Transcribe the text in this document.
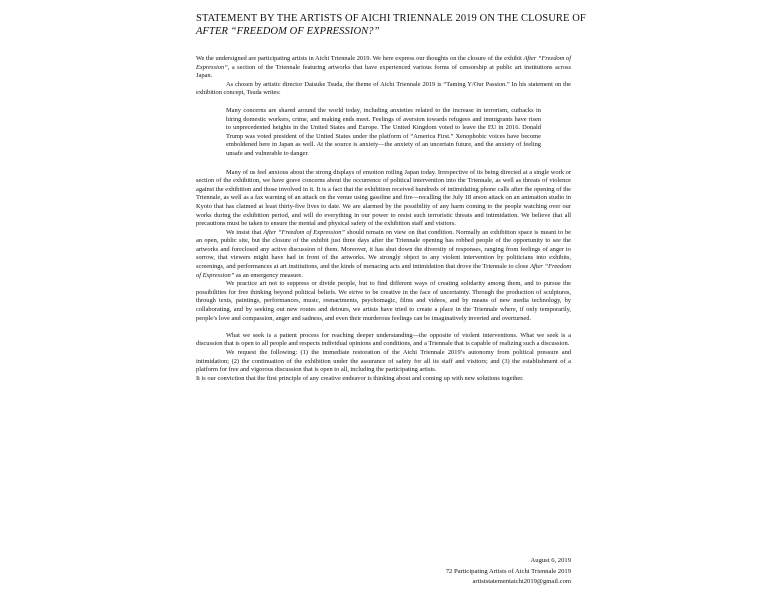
STATEMENT BY THE ARTISTS OF AICHI TRIENNALE 2019 ON THE CLOSURE OF
AFTER “FREEDOM OF EXPRESSION?”

We the undersigned are participating artists in Aichi Triennale 2019. We here express our thoughts on the closure of the exhibit After “Freedom of Expression”, a section of the Triennale featuring artworks that have experienced various forms of censorship at public art institutions across Japan.

As chosen by artistic director Daisuke Tsuda, the theme of Aichi Triennale 2019 is “Taming Y/Our Passion.” In his statement on the exhibition concept, Tsuda writes:

Many concerns are shared around the world today, including anxieties related to the increase in terrorism, cutbacks in hiring domestic workers, crime, and making ends meet. Feelings of aversion towards refugees and immigrants have risen to unprecedented heights in the United States and Europe. The United Kingdom voted to leave the EU in 2016. Donald Trump was voted president of the United States under the platform of “America First.” Xenophobic voices have become emboldened here in Japan as well. At the source is anxiety—the anxiety of an uncertain future, and the anxiety of feeling unsafe and vulnerable to danger.

Many of us feel anxious about the strong displays of emotion roiling Japan today. Irrespective of its being directed at a single work or section of the exhibition, we have grave concerns about the occurrence of political intervention into the Triennale, as well as threats of violence against the exhibition and those involved in it. It is a fact that the exhibition received hundreds of intimidating phone calls after the opening of the Triennale, as well as a fax warning of an attack on the venue using gasoline and fire—recalling the July 18 arson attack on an animation studio in Kyoto that has claimed at least thirty-five lives to date. We are alarmed by the possibility of any harm coming to the people watching over our works during the exhibition period, and will do everything in our power to resist such terroristic threats and intimidation. We believe that all precautions must be taken to ensure the mental and physical safety of the exhibition staff and visitors.

We insist that After “Freedom of Expression” should remain on view on that condition. Normally an exhibition space is meant to be an open, public site, but the closure of the exhibit just three days after the Triennale opening has robbed people of the opportunity to see the artworks and foreclosed any active discussion of them. Moreover, it has shut down the diversity of responses, ranging from feelings of anger to sorrow, that viewers might have had in front of the artworks. We strongly object to any violent intervention by politicians into exhibits, screenings, and performances at art institutions, and the kinds of menacing acts and intimidation that drove the Triennale to close After “Freedom of Expression” as an emergency measure.

We practice art not to suppress or divide people, but to find different ways of creating solidarity among them, and to pursue the possibilities for free thinking beyond political beliefs. We strive to be creative in the face of uncertainty. Through the production of sculptures, through texts, paintings, performances, music, reenactments, psychomagic, films and videos, and by means of new media technology, by collaborating, and by seeking out new routes and detours, we artists have tried to create a place in the Triennale where, if only temporarily, people’s love and compassion, anger and sadness, and even their murderous feelings can be imaginatively inverted and overturned.

What we seek is a patient process for reaching deeper understanding—the opposite of violent interventions. What we seek is a discussion that is open to all people and respects individual opinions and conditions, and a Triennale that is capable of realizing such a discussion.

We request the following: (1) the immediate restoration of the Aichi Triennale 2019’s autonomy from political pressure and intimidation; (2) the continuation of the exhibition under the assurance of safety for all its staff and visitors; and (3) the establishment of a platform for free and vigorous discussion that is open to all, including the participating artists.

It is our conviction that the first principle of any creative endeavor is thinking about and coming up with new solutions together.

August 6, 2019
72 Participating Artists of Aichi Triennale 2019
artiststatementaichi2019@gmail.com
